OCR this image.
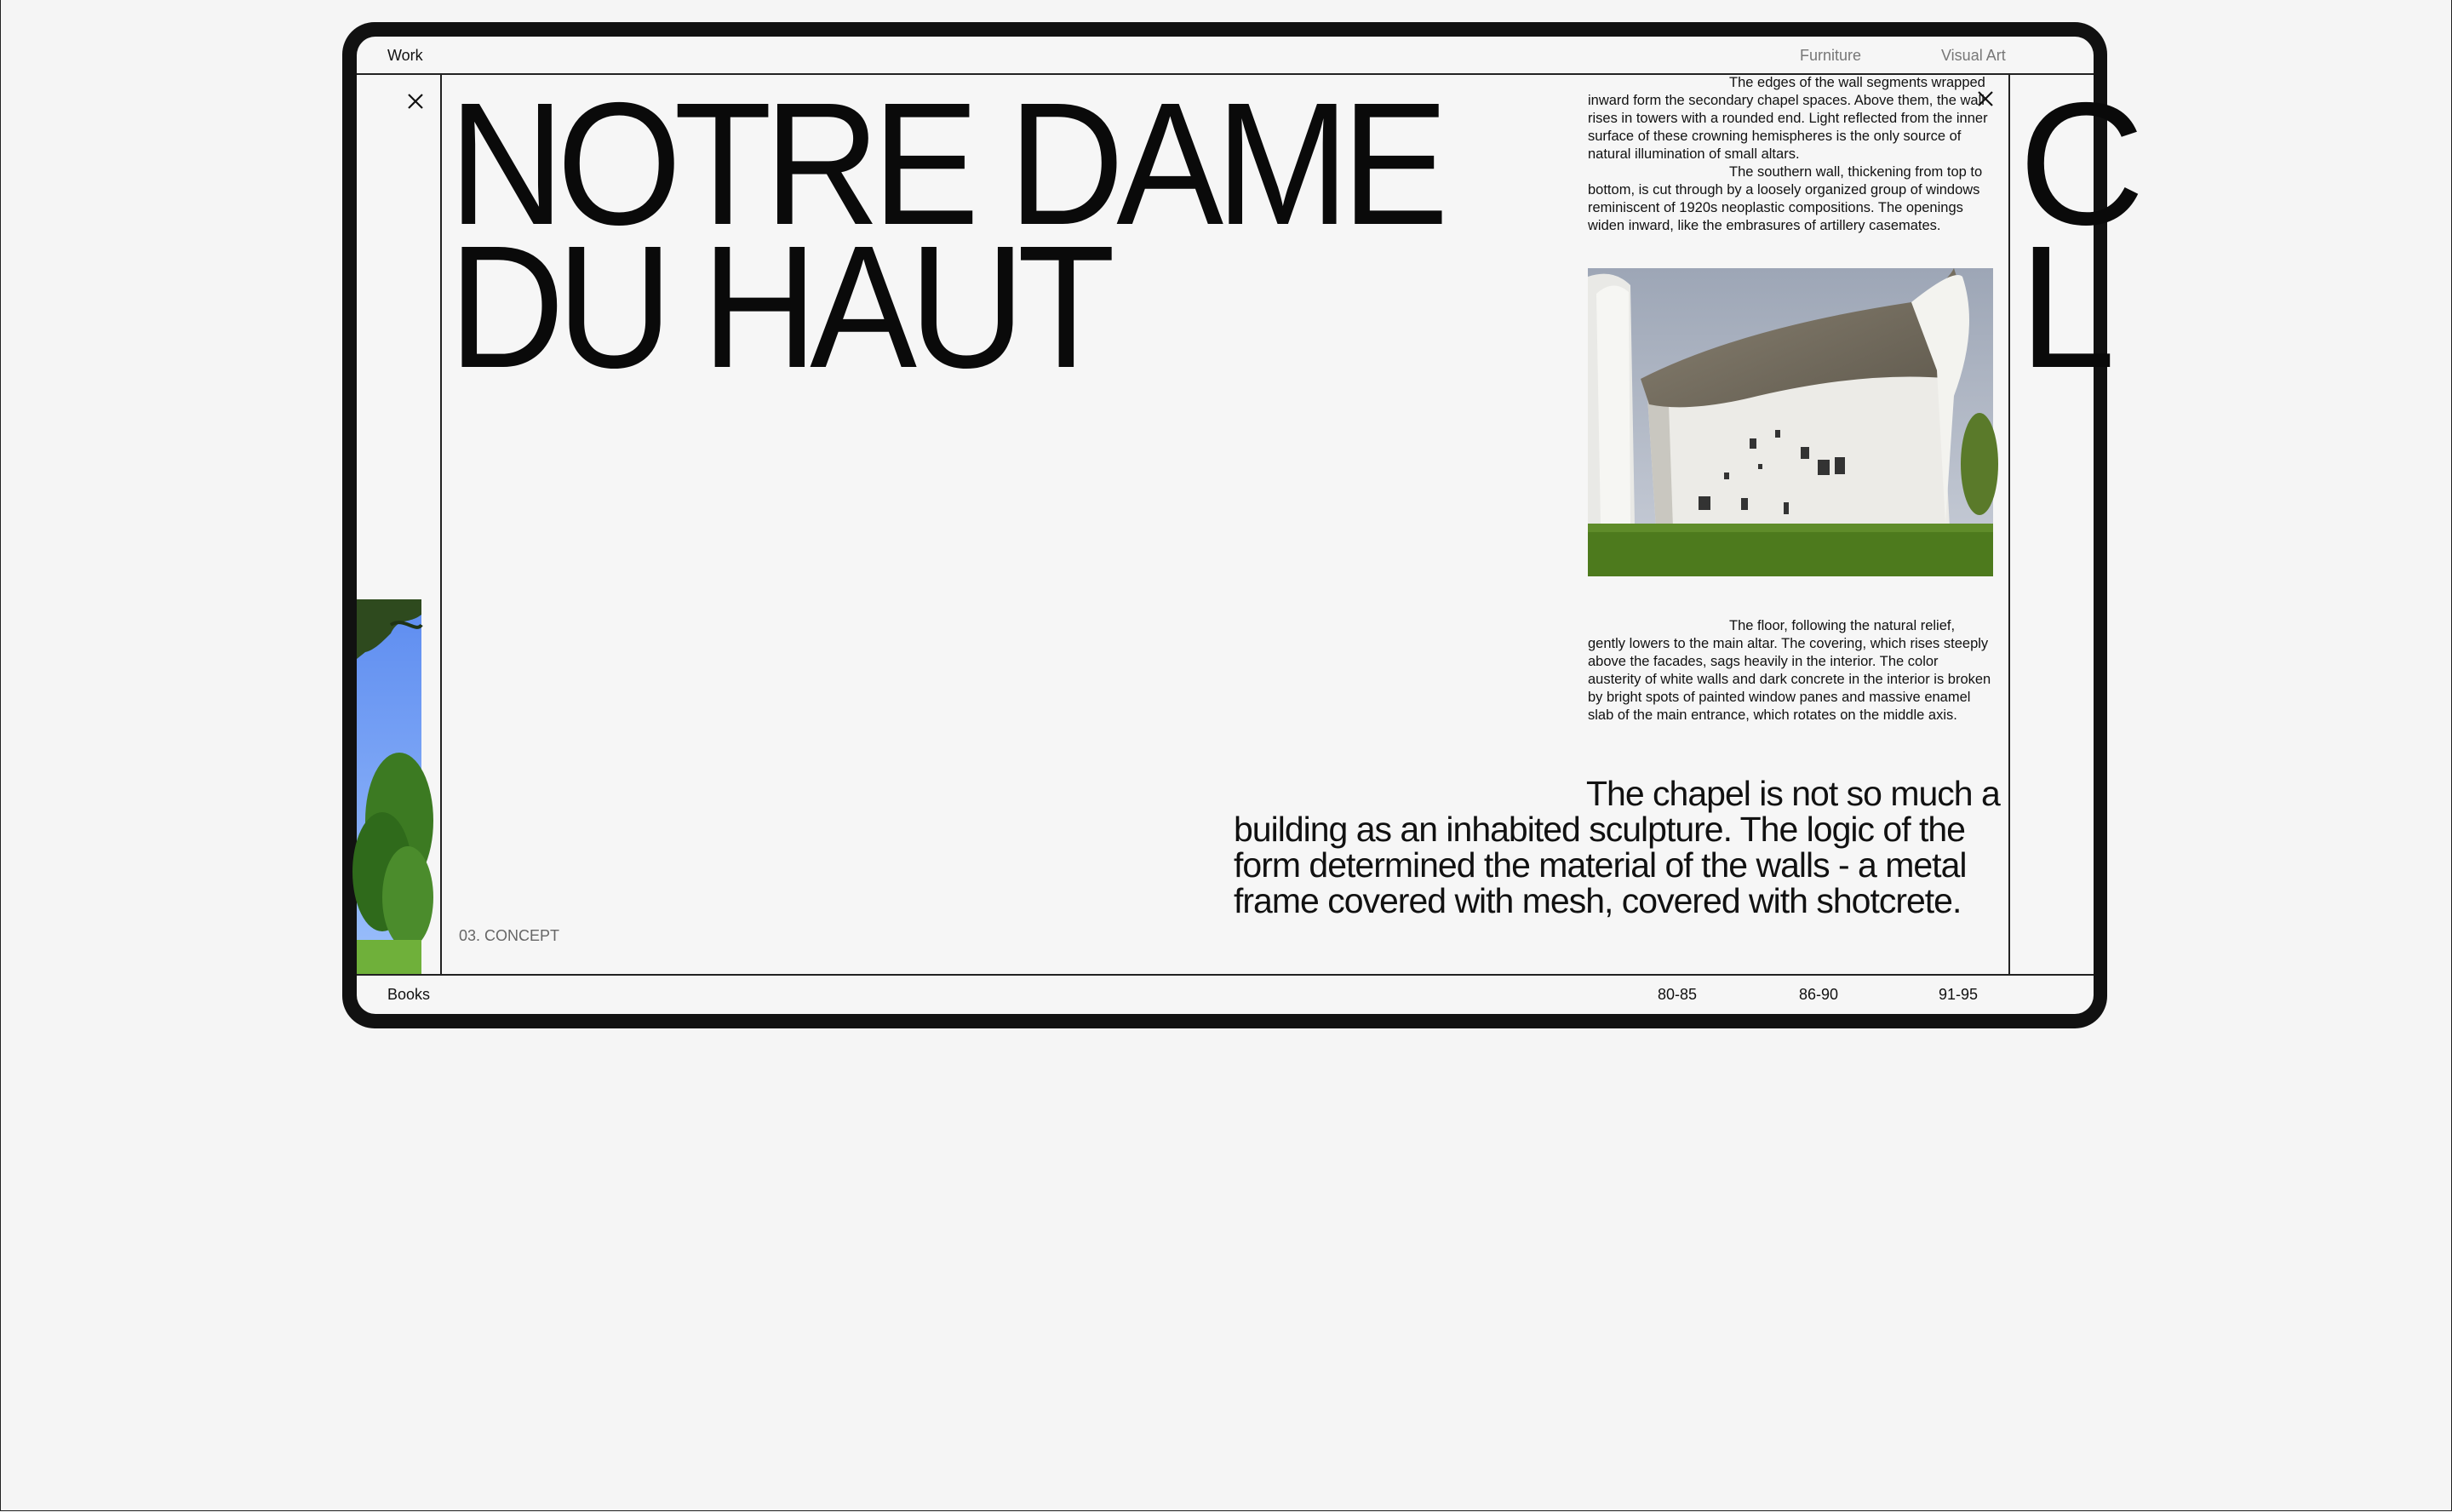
Work	Furniture	Visual Art
C
L
NOTRE DAME
DU HAUT

The edges of the wall segments wrapped inward form the secondary chapel spaces. Above them, the wall rises in towers with a rounded end. Light reflected from the inner surface of these crowning hemispheres is the only source of natural illumination of small altars.
The southern wall, thickening from top to bottom, is cut through by a loosely organized group of windows reminiscent of 1920s neoplastic compositions. The openings widen inward, like the embrasures of artillery casemates.

The floor, following the natural relief, gently lowers to the main altar. The covering, which rises steeply above the facades, sags heavily in the interior. The color austerity of white walls and dark concrete in the interior is broken by bright spots of painted window panes and massive enamel slab of the main entrance, which rotates on the middle axis.

03. CONCEPT

The chapel is not so much a building as an inhabited sculpture. The logic of the form determined the material of the walls - a metal frame covered with mesh, covered with shotcrete.

Books	80-85	86-90	91-95
